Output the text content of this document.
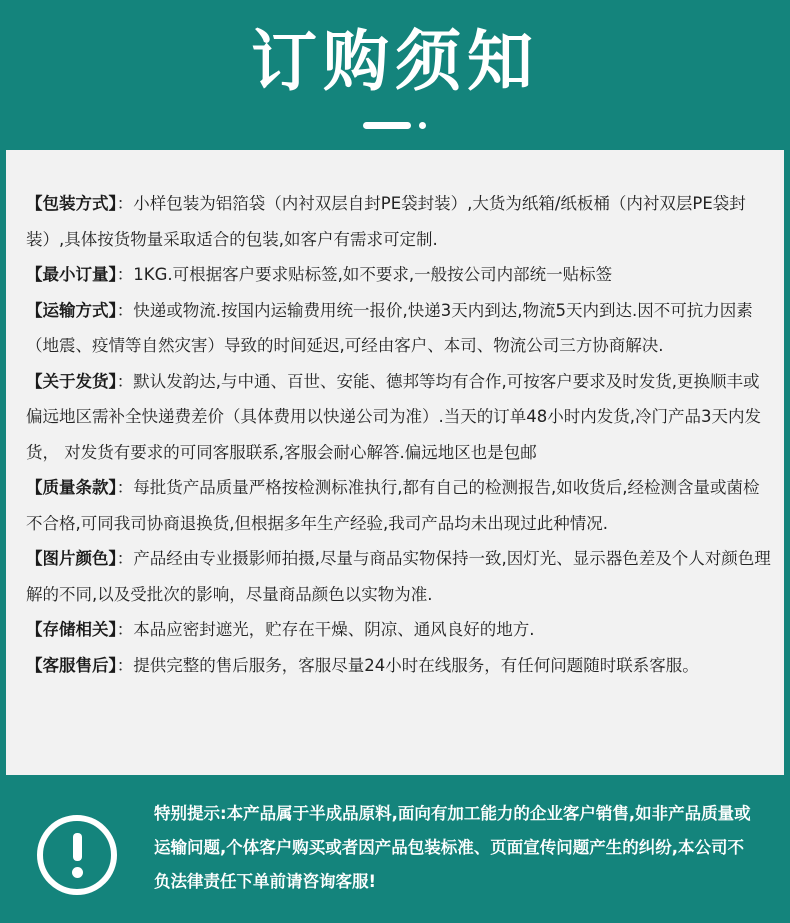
订购须知

【包装方式】：小样包装为铝箔袋（内衬双层自封PE袋封装）,大货为纸箱/纸板桶（内衬双层PE袋封装）,具体按货物量采取适合的包装,如客户有需求可定制.

【最小订量】：1KG.可根据客户要求贴标签,如不要求,一般按公司内部统一贴标签

【运输方式】：快递或物流.按国内运输费用统一报价,快递3天内到达,物流5天内到达.因不可抗力因素（地震、疫情等自然灾害）导致的时间延迟,可经由客户、本司、物流公司三方协商解决.

【关于发货】：默认发韵达,与中通、百世、安能、德邦等均有合作,可按客户要求及时发货,更换顺丰或偏远地区需补全快递费差价（具体费用以快递公司为准）.当天的订单48小时内发货,冷门产品3天内发货， 对发货有要求的可同客服联系,客服会耐心解答.偏远地区也是包邮

【质量条款】：每批货产品质量严格按检测标准执行,都有自己的检测报告,如收货后,经检测含量或菌检不合格,可同我司协商退换货,但根据多年生产经验,我司产品均未出现过此种情况.

【图片颜色】：产品经由专业摄影师拍摄,尽量与商品实物保持一致,因灯光、显示器色差及个人对颜色理解的不同,以及受批次的影响，尽量商品颜色以实物为准.

【存储相关】：本品应密封遮光，贮存在干燥、阴凉、通风良好的地方.

【客服售后】：提供完整的售后服务，客服尽量24小时在线服务，有任何问题随时联系客服。

特别提示:本产品属于半成品原料,面向有加工能力的企业客户销售,如非产品质量或运输问题,个体客户购买或者因产品包装标准、页面宣传问题产生的纠纷,本公司不负法律责任下单前请咨询客服!
